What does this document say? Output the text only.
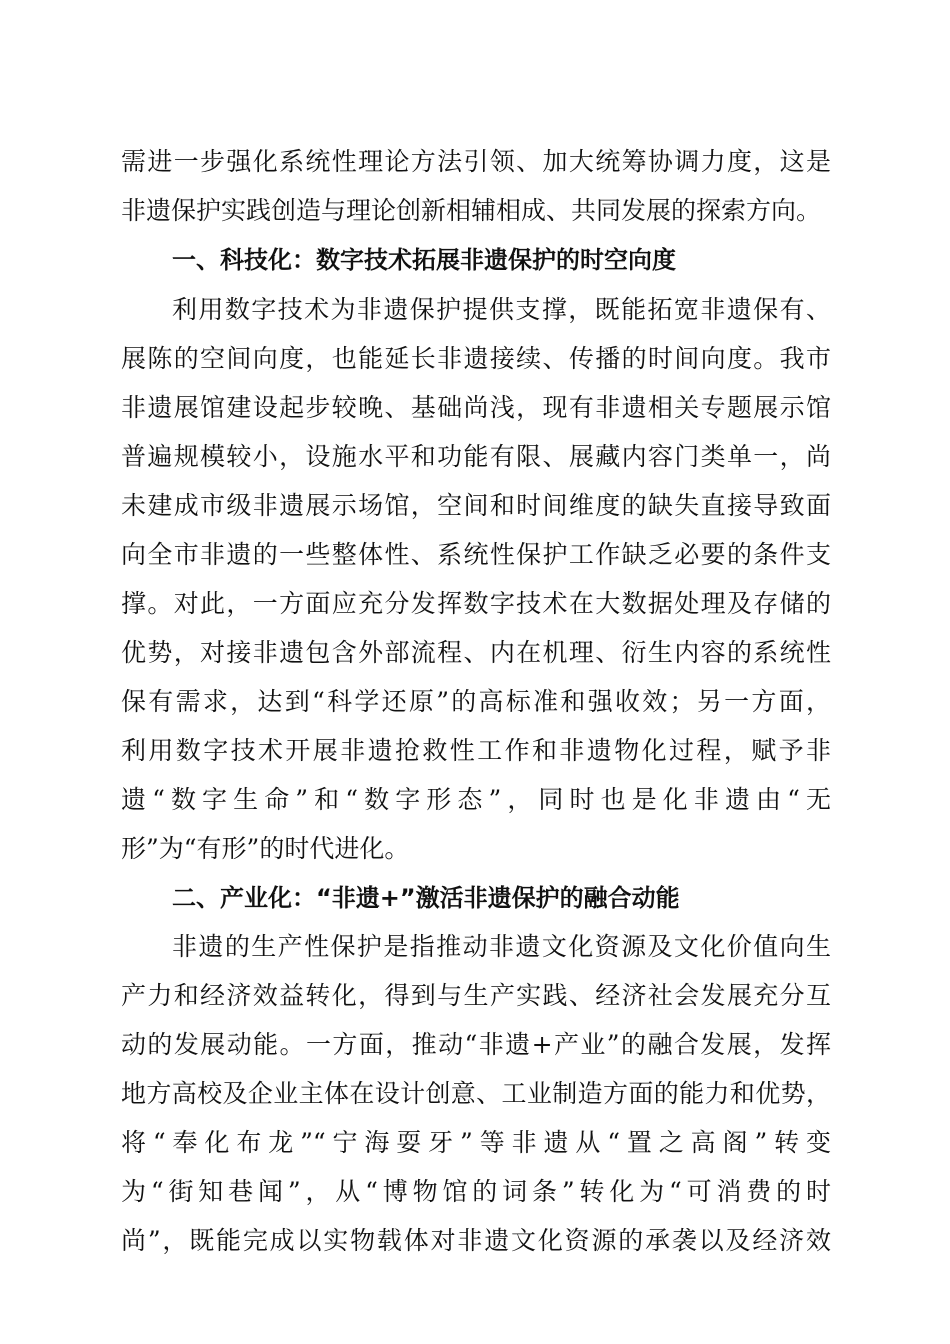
需进一步强化系统性理论方法引领、加大统筹协调力度，这是
非遗保护实践创造与理论创新相辅相成、共同发展的探索方向。
一、科技化：数字技术拓展非遗保护的时空向度
利用数字技术为非遗保护提供支撑，既能拓宽非遗保有、
展陈的空间向度，也能延长非遗接续、传播的时间向度。我市
非遗展馆建设起步较晚、基础尚浅，现有非遗相关专题展示馆
普遍规模较小，设施水平和功能有限、展藏内容门类单一，尚
未建成市级非遗展示场馆，空间和时间维度的缺失直接导致面
向全市非遗的一些整体性、系统性保护工作缺乏必要的条件支
撑。对此，一方面应充分发挥数字技术在大数据处理及存储的
优势，对接非遗包含外部流程、内在机理、衍生内容的系统性
保有需求，达到“科学还原”的高标准和强收效；另一方面，
利用数字技术开展非遗抢救性工作和非遗物化过程，赋予非
遗“数字生命”和“数字形态”，同时也是化非遗由“无
形”为“有形”的时代进化。
二、产业化：“非遗+”激活非遗保护的融合动能
非遗的生产性保护是指推动非遗文化资源及文化价值向生
产力和经济效益转化，得到与生产实践、经济社会发展充分互
动的发展动能。一方面，推动“非遗+产业”的融合发展，发挥
地方高校及企业主体在设计创意、工业制造方面的能力和优势，
将“奉化布龙”“宁海耍牙”等非遗从“置之高阁”转变
为“街知巷闻”，从“博物馆的词条”转化为“可消费的时
尚”，既能完成以实物载体对非遗文化资源的承袭以及经济效
